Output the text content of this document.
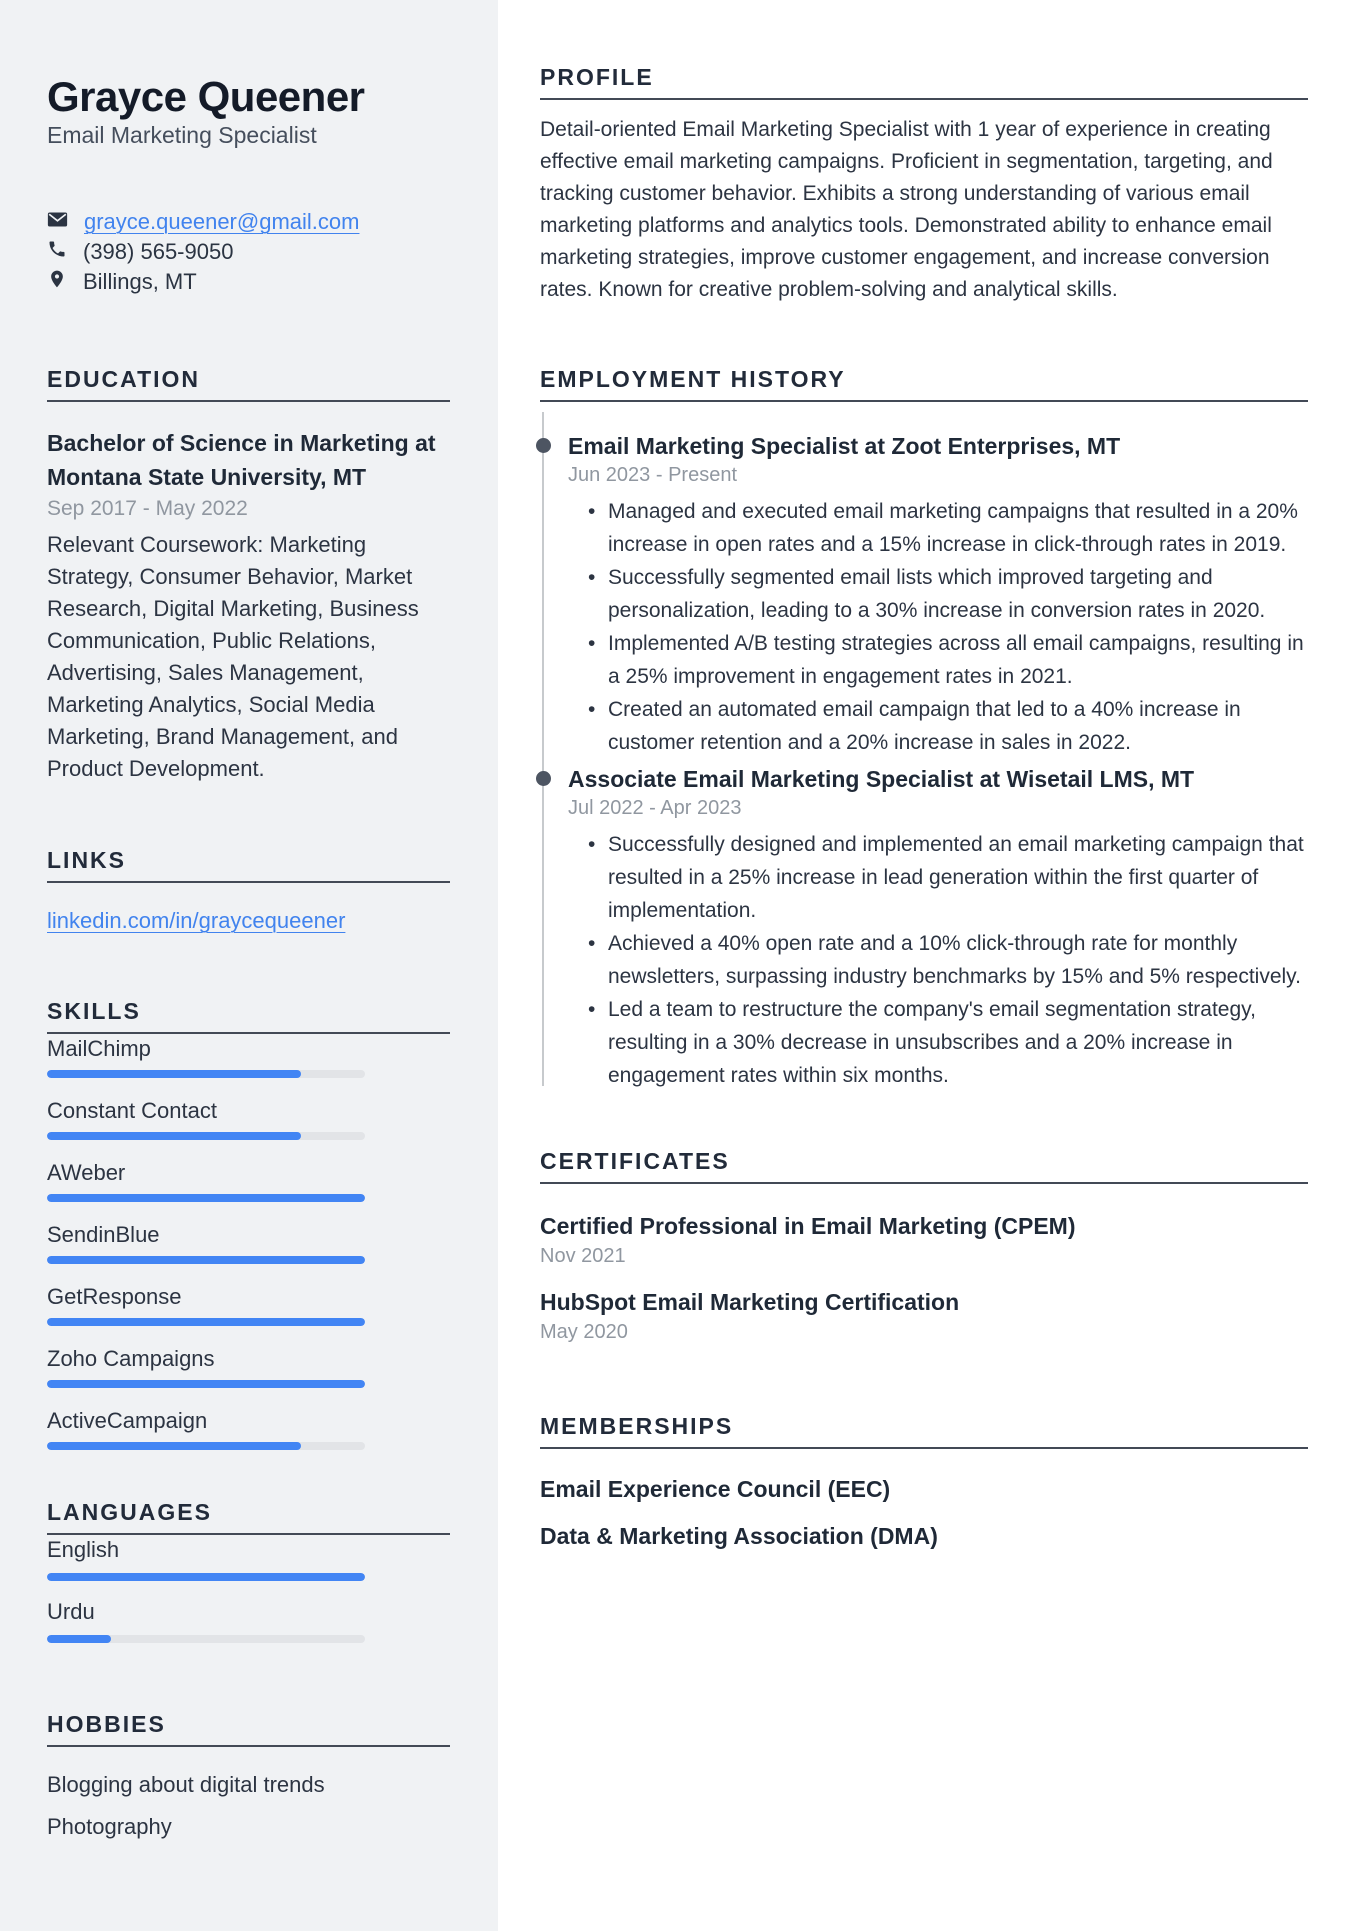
Grayce Queener
Email Marketing Specialist
grayce.queener@gmail.com
(398) 565-9050
Billings, MT
EDUCATION

Bachelor of Science in Marketing at Montana State University, MT

Sep 2017 - May 2022

Relevant Coursework: Marketing Strategy, Consumer Behavior, Market Research, Digital Marketing, Business Communication, Public Relations, Advertising, Sales Management, Marketing Analytics, Social Media Marketing, Brand Management, and Product Development.

LINKS
linkedin.com/in/graycequeener
SKILLS
MailChimp
Constant Contact
AWeber
SendinBlue
GetResponse
Zoho Campaigns
ActiveCampaign
LANGUAGES
English
Urdu
HOBBIES

Blogging about digital trends

Photography

PROFILE

Detail-oriented Email Marketing Specialist with 1 year of experience in creating effective email marketing campaigns. Proficient in segmentation, targeting, and tracking customer behavior. Exhibits a strong understanding of various email marketing platforms and analytics tools. Demonstrated ability to enhance email marketing strategies, improve customer engagement, and increase conversion rates. Known for creative problem-solving and analytical skills.

EMPLOYMENT HISTORY
Email Marketing Specialist at Zoot Enterprises, MT
Jun 2023 - Present
• Managed and executed email marketing campaigns that resulted in a 20% increase in open rates and a 15% increase in click-through rates in 2019.
• Successfully segmented email lists which improved targeting and personalization, leading to a 30% increase in conversion rates in 2020.
• Implemented A/B testing strategies across all email campaigns, resulting in a 25% improvement in engagement rates in 2021.
• Created an automated email campaign that led to a 40% increase in customer retention and a 20% increase in sales in 2022.
Associate Email Marketing Specialist at Wisetail LMS, MT
Jul 2022 - Apr 2023
• Successfully designed and implemented an email marketing campaign that resulted in a 25% increase in lead generation within the first quarter of implementation.
• Achieved a 40% open rate and a 10% click-through rate for monthly newsletters, surpassing industry benchmarks by 15% and 5% respectively.
• Led a team to restructure the company's email segmentation strategy, resulting in a 30% decrease in unsubscribes and a 20% increase in engagement rates within six months.
CERTIFICATES

Certified Professional in Email Marketing (CPEM)

Nov 2021

HubSpot Email Marketing Certification

May 2020

MEMBERSHIPS

Email Experience Council (EEC)

Data & Marketing Association (DMA)
